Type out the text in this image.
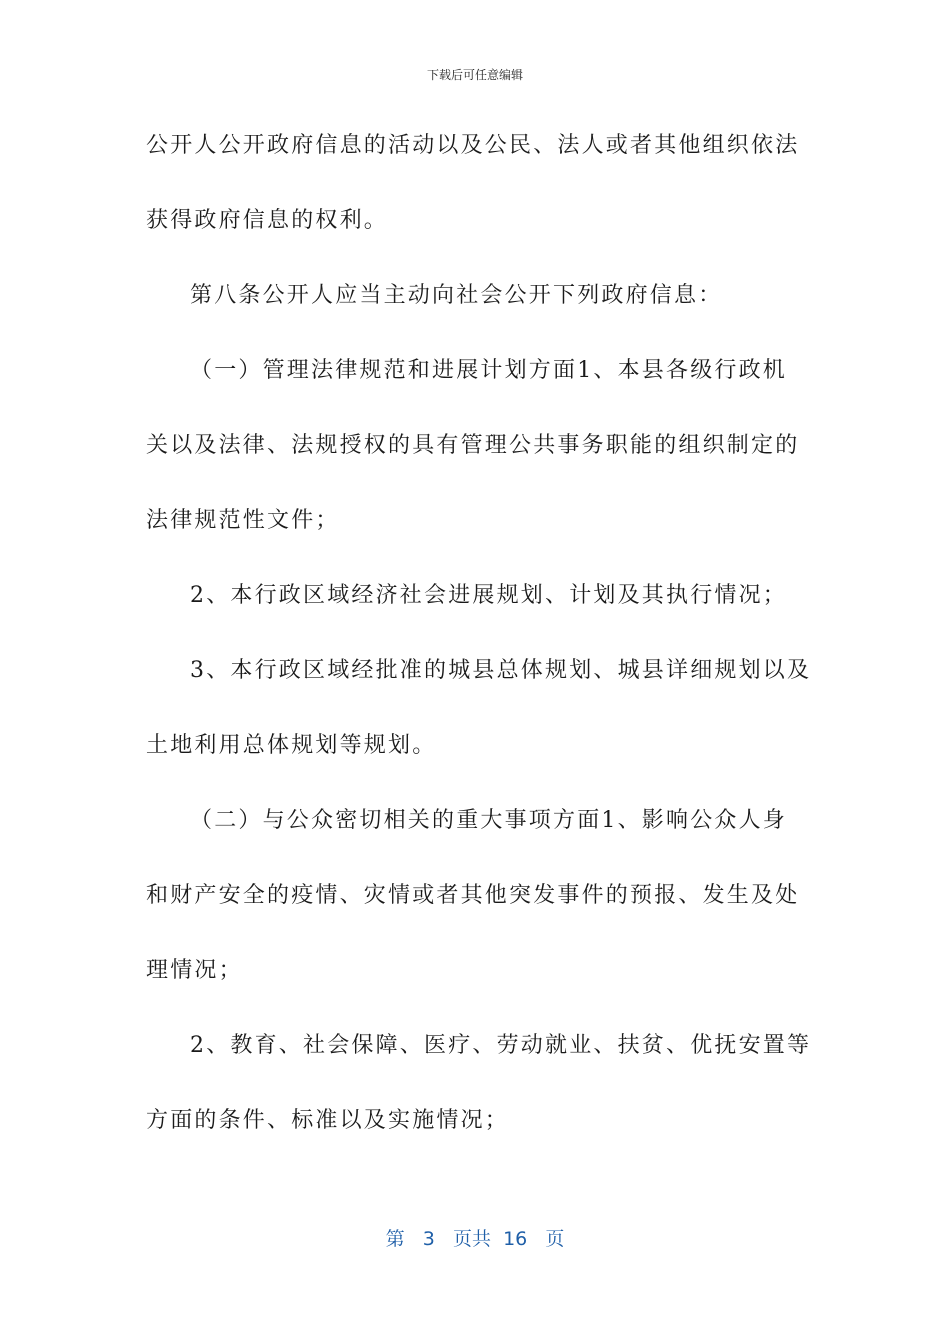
下载后可任意编辑
公开人公开政府信息的活动以及公民、法人或者其他组织依法
获得政府信息的权利。
第八条公开人应当主动向社会公开下列政府信息：
（一）管理法律规范和进展计划方面1、本县各级行政机
关以及法律、法规授权的具有管理公共事务职能的组织制定的
法律规范性文件；
2、本行政区域经济社会进展规划、计划及其执行情况；
3、本行政区域经批准的城县总体规划、城县详细规划以及
土地利用总体规划等规划。
（二）与公众密切相关的重大事项方面1、影响公众人身
和财产安全的疫情、灾情或者其他突发事件的预报、发生及处
理情况；
2、教育、社会保障、医疗、劳动就业、扶贫、优抚安置等
方面的条件、标准以及实施情况；
第 3 页共 16 页
